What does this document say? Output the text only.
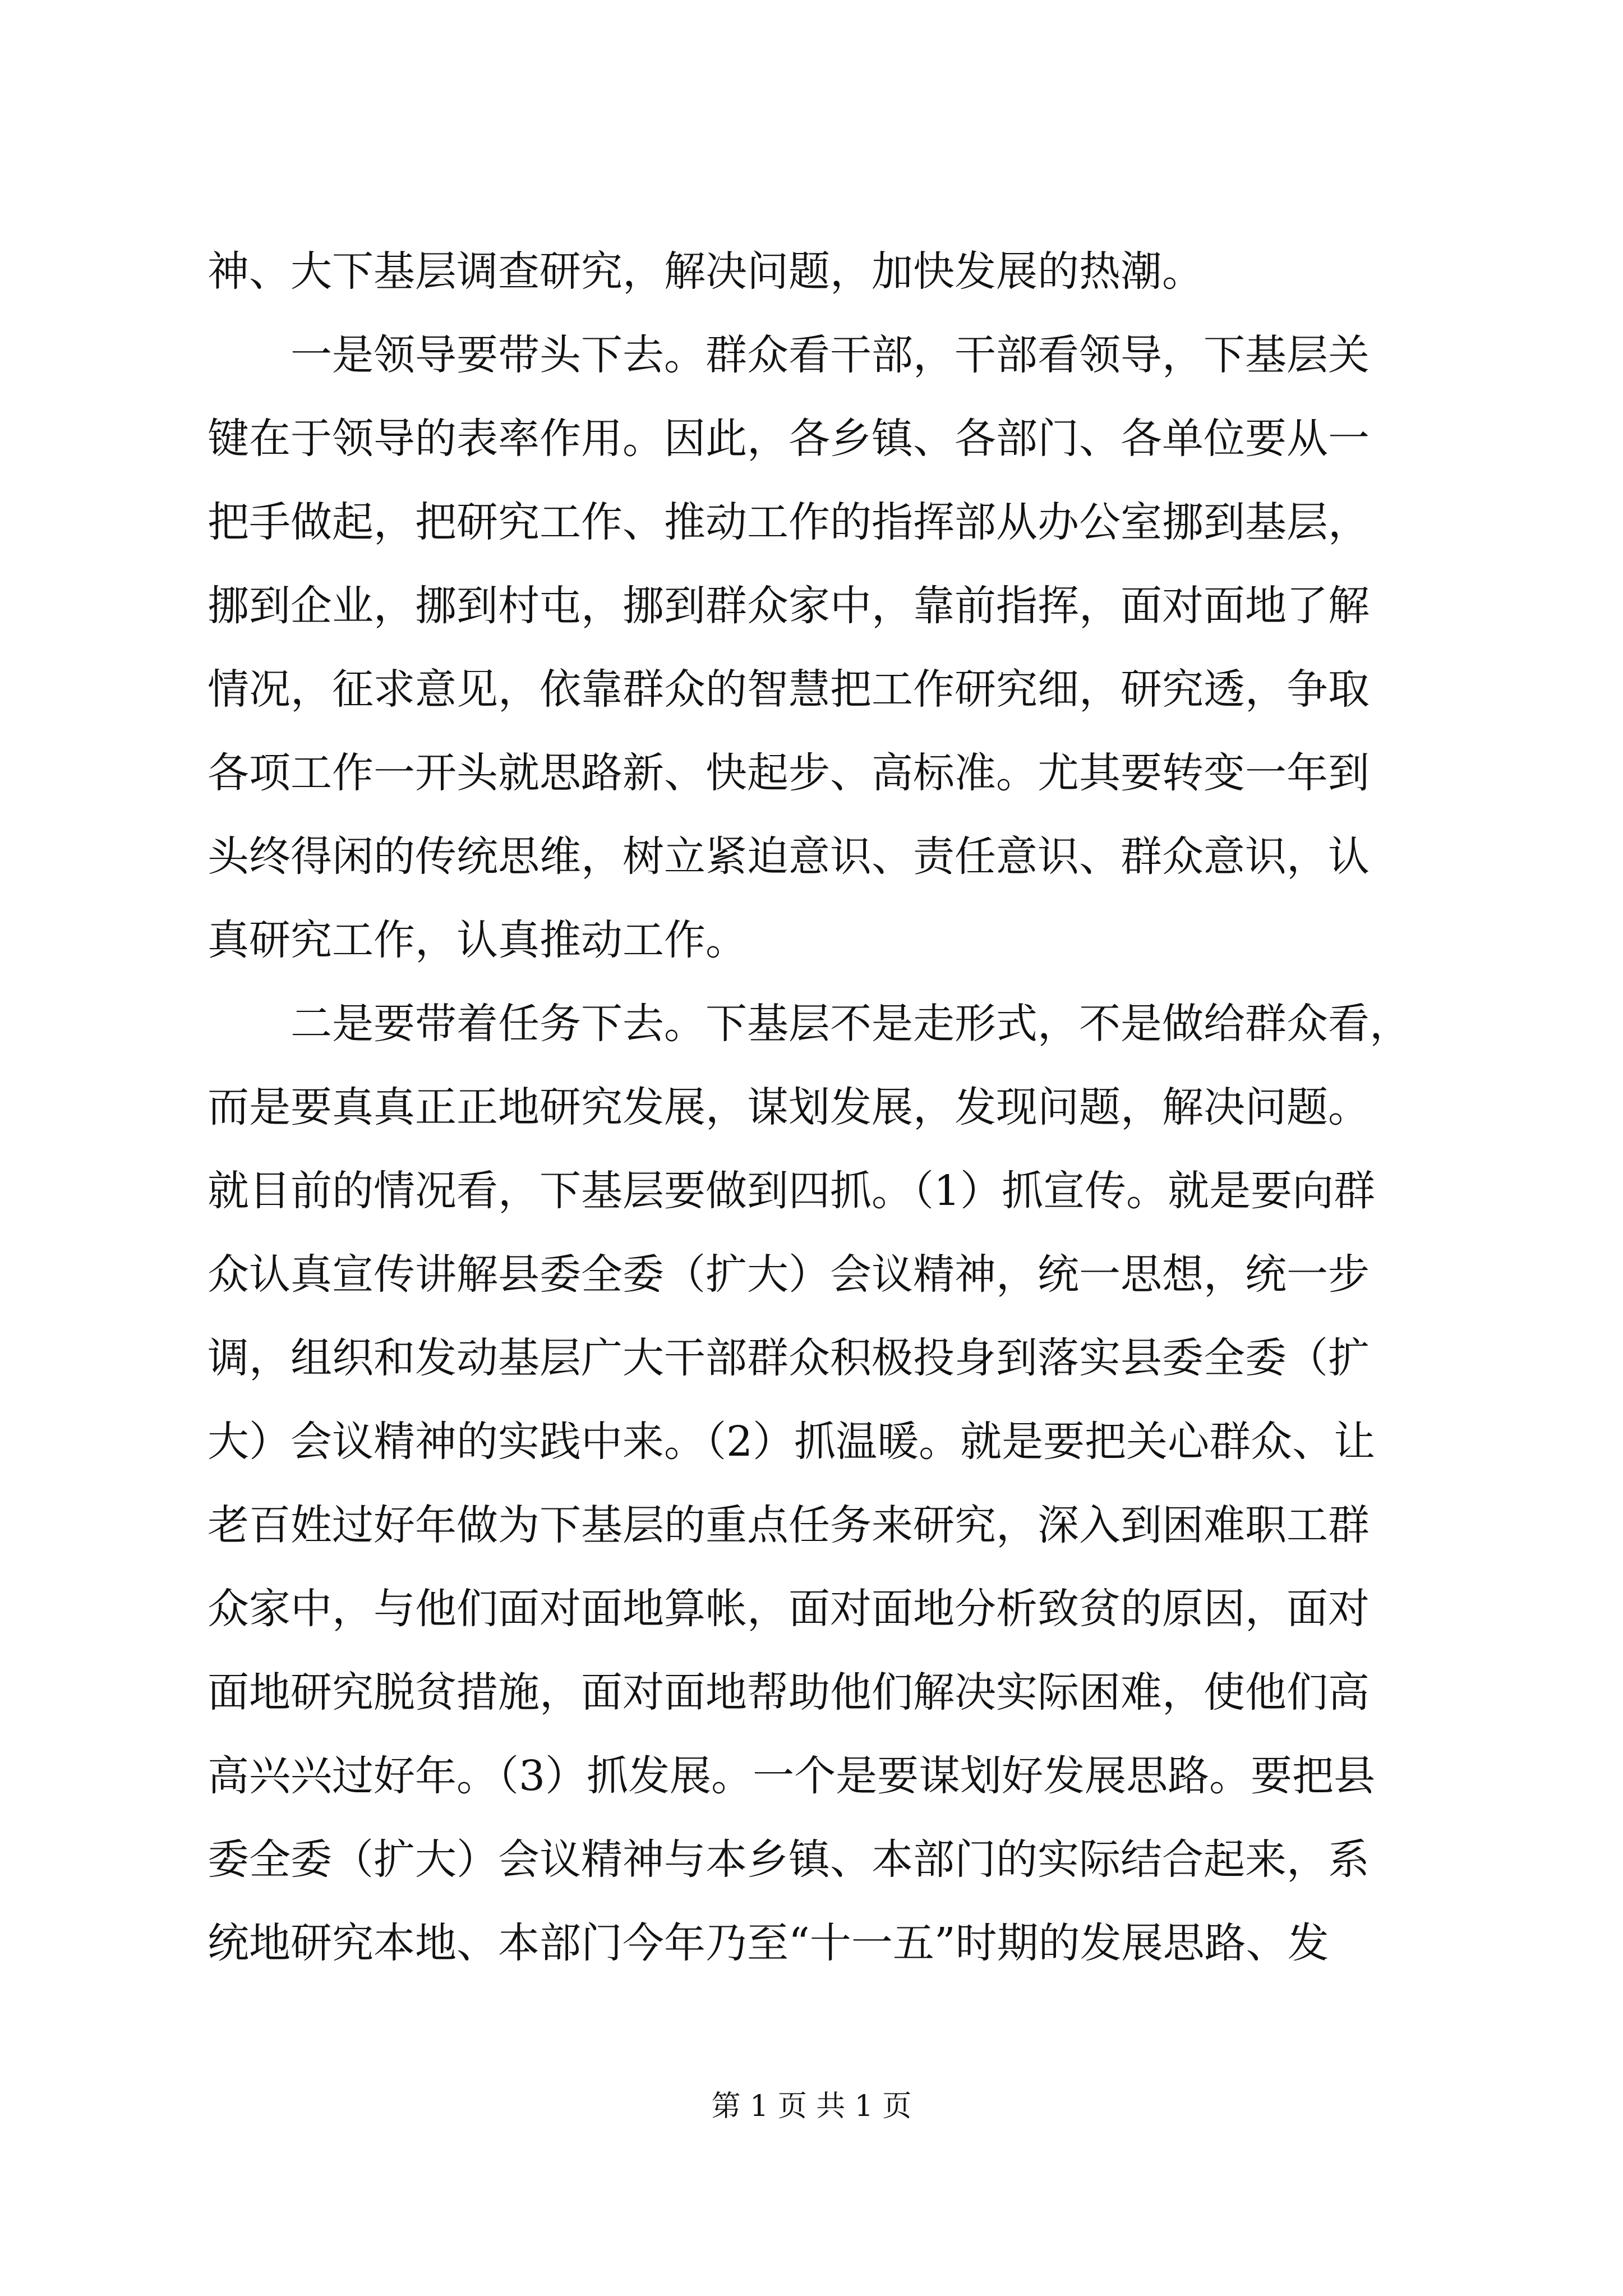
神、大下基层调查研究，解决问题，加快发展的热潮。
一是领导要带头下去。群众看干部，干部看领导，下基层关
键在于领导的表率作用。因此，各乡镇、各部门、各单位要从一
把手做起，把研究工作、推动工作的指挥部从办公室挪到基层，
挪到企业，挪到村屯，挪到群众家中，靠前指挥，面对面地了解
情况，征求意见，依靠群众的智慧把工作研究细，研究透，争取
各项工作一开头就思路新、快起步、高标准。尤其要转变一年到
头终得闲的传统思维，树立紧迫意识、责任意识、群众意识，认
真研究工作，认真推动工作。
二是要带着任务下去。下基层不是走形式，不是做给群众看，
而是要真真正正地研究发展，谋划发展，发现问题，解决问题。
就目前的情况看，下基层要做到四抓。（1）抓宣传。就是要向群
众认真宣传讲解县委全委（扩大）会议精神，统一思想，统一步
调，组织和发动基层广大干部群众积极投身到落实县委全委（扩
大）会议精神的实践中来。（2）抓温暖。就是要把关心群众、让
老百姓过好年做为下基层的重点任务来研究，深入到困难职工群
众家中，与他们面对面地算帐，面对面地分析致贫的原因，面对
面地研究脱贫措施，面对面地帮助他们解决实际困难，使他们高
高兴兴过好年。（3）抓发展。一个是要谋划好发展思路。要把县
委全委（扩大）会议精神与本乡镇、本部门的实际结合起来，系
统地研究本地、本部门今年乃至“十一五”时期的发展思路、发
第 1 页 共 1 页
